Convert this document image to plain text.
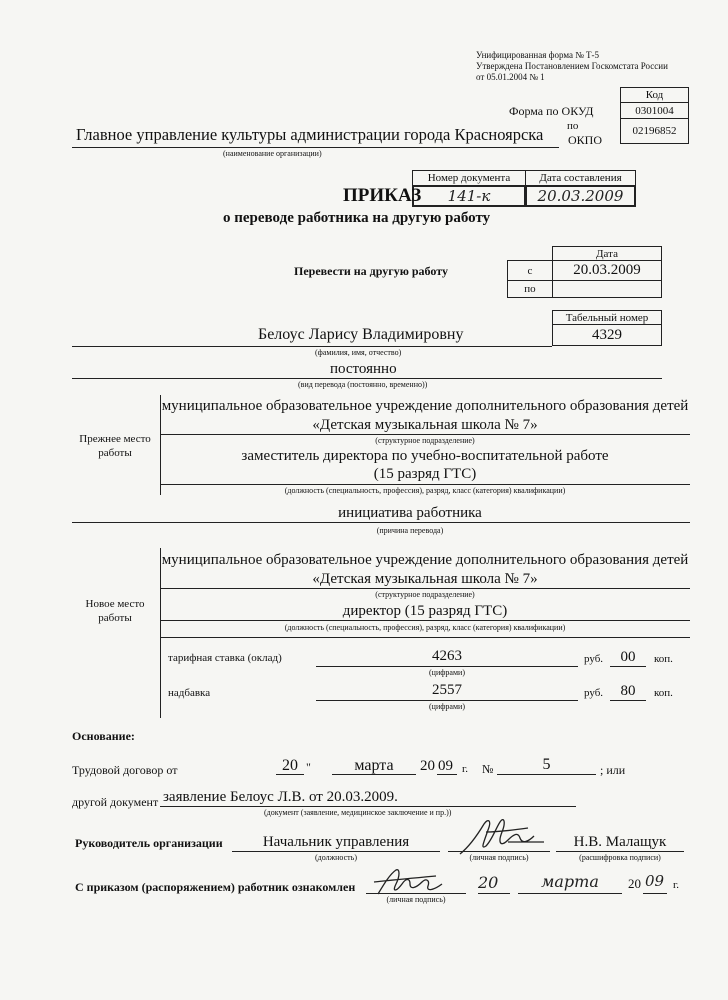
Унифицированная форма № Т-5
Утверждена Постановлением Госкомстата России
от 05.01.2004 № 1
Код
Форма по ОКУД	0301004
02196852
по
ОКПО
Главное управление культуры администрации города Красноярска
(наименование организации)
Номер документа	Дата составления
141-к	20.03.2009
ПРИКАЗ
о переводе работника на другую работу
Перевести на другую работу
Дата
с	20.03.2009
по
Табельный номер
4329
Белоус Ларису Владимировну
(фамилия, имя, отчество)
постоянно
(вид перевода (постоянно, временно))
Прежнее место
работы
муниципальное образовательное учреждение дополнительного образования детей
«Детская музыкальная школа № 7»
(структурное подразделение)
заместитель директора по учебно-воспитательной работе
(15 разряд ГТС)
(должность (специальность, профессия), разряд, класс (категория) квалификации)
инициатива работника
(причина перевода)
Новое место
работы
муниципальное образовательное учреждение дополнительного образования детей
«Детская музыкальная школа № 7»
(структурное подразделение)
директор (15 разряд ГТС)
(должность (специальность, профессия), разряд, класс (категория) квалификации)
тарифная ставка (оклад)	4263
(цифрами)
руб.	00	коп.
надбавка	2557
(цифрами)
руб.	80	коп.
Основание:
Трудовой договор от	20 "	марта	20 09 г. №	5	; или
другой документ заявление Белоус Л.В. от 20.03.2009.
(документ (заявление, медицинское заключение и пр.))
Руководитель организации	Начальник управления
(должность)	(личная подпись)
Н.В. Малащук
(расшифровка подписи)
С приказом (распоряжением) работник ознакомлен
(личная подпись)
20	марта	20 09 г.
